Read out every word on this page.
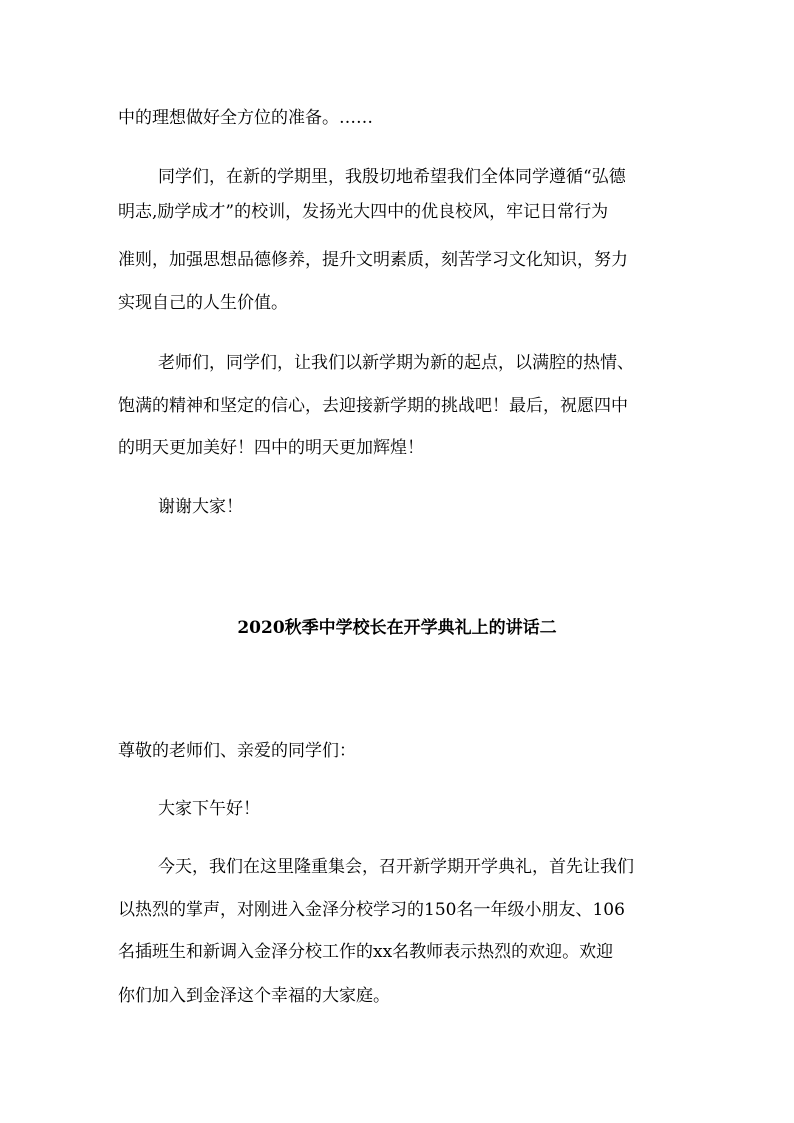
中的理想做好全方位的准备。……

同学们，在新的学期里，我殷切地希望我们全体同学遵循“弘德

明志,励学成才”的校训，发扬光大四中的优良校风，牢记日常行为

准则，加强思想品德修养，提升文明素质，刻苦学习文化知识，努力

实现自己的人生价值。

老师们，同学们，让我们以新学期为新的起点，以满腔的热情、

饱满的精神和坚定的信心，去迎接新学期的挑战吧！最后，祝愿四中

的明天更加美好！四中的明天更加辉煌！

谢谢大家！

2020秋季中学校长在开学典礼上的讲话二

尊敬的老师们、亲爱的同学们：

大家下午好！

今天，我们在这里隆重集会，召开新学期开学典礼，首先让我们

以热烈的掌声，对刚进入金泽分校学习的150名一年级小朋友、106

名插班生和新调入金泽分校工作的xx名教师表示热烈的欢迎。欢迎

你们加入到金泽这个幸福的大家庭。
